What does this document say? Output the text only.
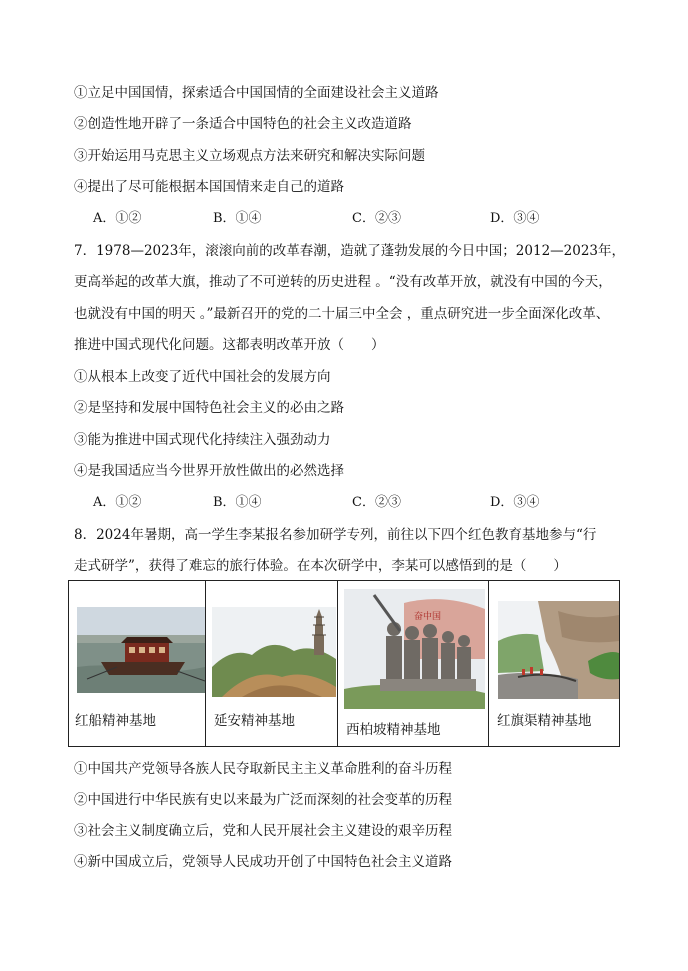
①立足中国国情，探索适合中国国情的全面建设社会主义道路
②创造性地开辟了一条适合中国特色的社会主义改造道路
③开始运用马克思主义立场观点方法来研究和解决实际问题
④提出了尽可能根据本国国情来走自己的道路
A．①②	B．①④	C．②③	D．③④
7．1978—2023年，滚滚向前的改革春潮，造就了蓬勃发展的今日中国；2012—2023年，
更高举起的改革大旗，推动了不可逆转的历史进程 。“没有改革开放，就没有中国的今天，
也就没有中国的明天 。”最新召开的党的二十届三中全会 ，重点研究进一步全面深化改革、
推进中国式现代化问题。这都表明改革开放（　　）
①从根本上改变了近代中国社会的发展方向
②是坚持和发展中国特色社会主义的必由之路
③能为推进中国式现代化持续注入强劲动力
④是我国适应当今世界开放性做出的必然选择
A．①②	B．①④	C．②③	D．③④
8．2024年暑期，高一学生李某报名参加研学专列，前往以下四个红色教育基地参与“行
走式研学”，获得了难忘的旅行体验。在本次研学中，李某可以感悟到的是（　　）
红船精神基地	延安精神基地

奋中国
西柏坡精神基地

红旗渠精神基地
①中国共产党领导各族人民夺取新民主主义革命胜利的奋斗历程
②中国进行中华民族有史以来最为广泛而深刻的社会变革的历程
③社会主义制度确立后，党和人民开展社会主义建设的艰辛历程
④新中国成立后，党领导人民成功开创了中国特色社会主义道路
